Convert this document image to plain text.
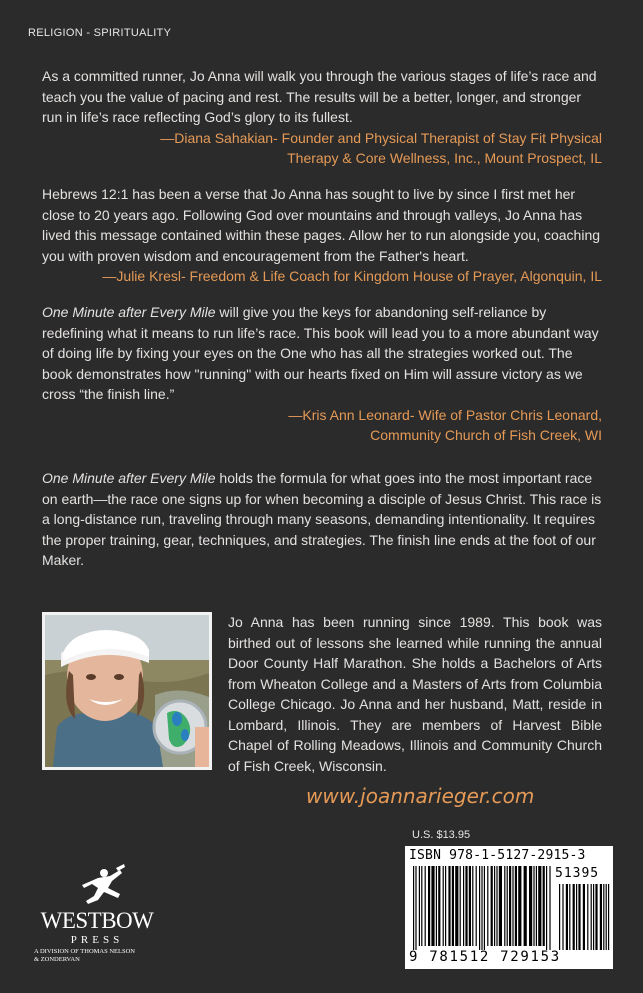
RELIGION - SPIRITUALITY

As a committed runner, Jo Anna will walk you through the various stages of life’s race and teach you the value of pacing and rest. The results will be a better, longer, and stronger run in life’s race reflecting God’s glory to its fullest.

—Diana Sahakian- Founder and Physical Therapist of Stay Fit Physical
Therapy & Core Wellness, Inc., Mount Prospect, IL

Hebrews 12:1 has been a verse that Jo Anna has sought to live by since I first met her close to 20 years ago. Following God over mountains and through valleys, Jo Anna has lived this message contained within these pages. Allow her to run alongside you, coaching you with proven wisdom and encouragement from the Father's heart.

—Julie Kresl- Freedom & Life Coach for Kingdom House of Prayer, Algonquin, IL

One Minute after Every Mile will give you the keys for abandoning self-reliance by redefining what it means to run life’s race. This book will lead you to a more abundant way of doing life by fixing your eyes on the One who has all the strategies worked out. The book demonstrates how "running" with our hearts fixed on Him will assure victory as we cross “the finish line.”

—Kris Ann Leonard- Wife of Pastor Chris Leonard,
Community Church of Fish Creek, WI

One Minute after Every Mile holds the formula for what goes into the most important race on earth—the race one signs up for when becoming a disciple of Jesus Christ. This race is a long-distance run, traveling through many seasons, demanding intentionality. It requires the proper training, gear, techniques, and strategies. The finish line ends at the foot of our Maker.

Jo Anna has been running since 1989. This book was birthed out of lessons she learned while running the annual Door County Half Marathon. She holds a Bachelors of Arts from Wheaton College and a Masters of Arts from Columbia College Chicago. Jo Anna and her husband, Matt, reside in Lombard, Illinois. They are members of Harvest Bible Chapel of Rolling Meadows, Illinois and Community Church of Fish Creek, Wisconsin.
www.joannarieger.com
U.S. $13.95
ISBN 978-1-5127-2915-3
51395
9 781512 729153
WESTBOW
PRESS
A DIVISION OF THOMAS NELSON
& ZONDERVAN
